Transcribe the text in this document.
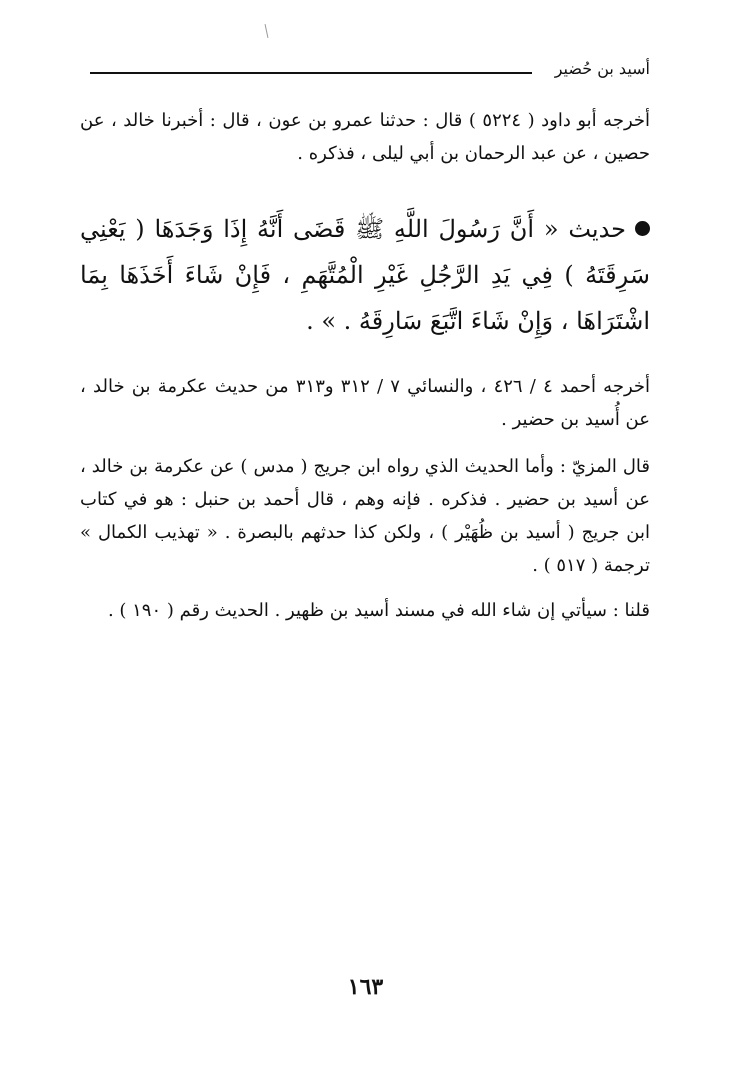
أسيد بن حُضير

أخرجه أبو داود ( ٥٢٢٤ ) قال : حدثنا عمرو بن عون ، قال : أخبرنا خالد ، عن حصين ، عن عبد الرحمان بن أبي ليلى ، فذكره .

حديث « أَنَّ رَسُولَ اللَّهِ ﷺ قَضَى أَنَّهُ إِذَا وَجَدَهَا ( يَعْنِي سَرِقَتَهُ ) فِي يَدِ الرَّجُلِ غَيْرِ الْمُتَّهَمِ ، فَإِنْ شَاءَ أَخَذَهَا بِمَا اشْتَرَاهَا ، وَإِنْ شَاءَ اتَّبَعَ سَارِقَهُ . » .

أخرجه أحمد ٤ / ٤٢٦ ، والنسائي ٧ / ٣١٢ و٣١٣ من حديث عكرمة بن خالد ، عن أُسيد بن حضير .

قال المزيّ : وأما الحديث الذي رواه ابن جريج ( مدس ) عن عكرمة بن خالد ، عن أسيد بن حضير . فذكره . فإنه وهم ، قال أحمد بن حنبل : هو في كتاب ابن جريج ( أسيد بن ظُهَيْر ) ، ولكن كذا حدثهم بالبصرة . « تهذيب الكمال » ترجمة ( ٥١٧ ) .

قلنا : سيأتي إن شاء الله في مسند أسيد بن ظهير . الحديث رقم ( ١٩٠ ) .

١٦٣
